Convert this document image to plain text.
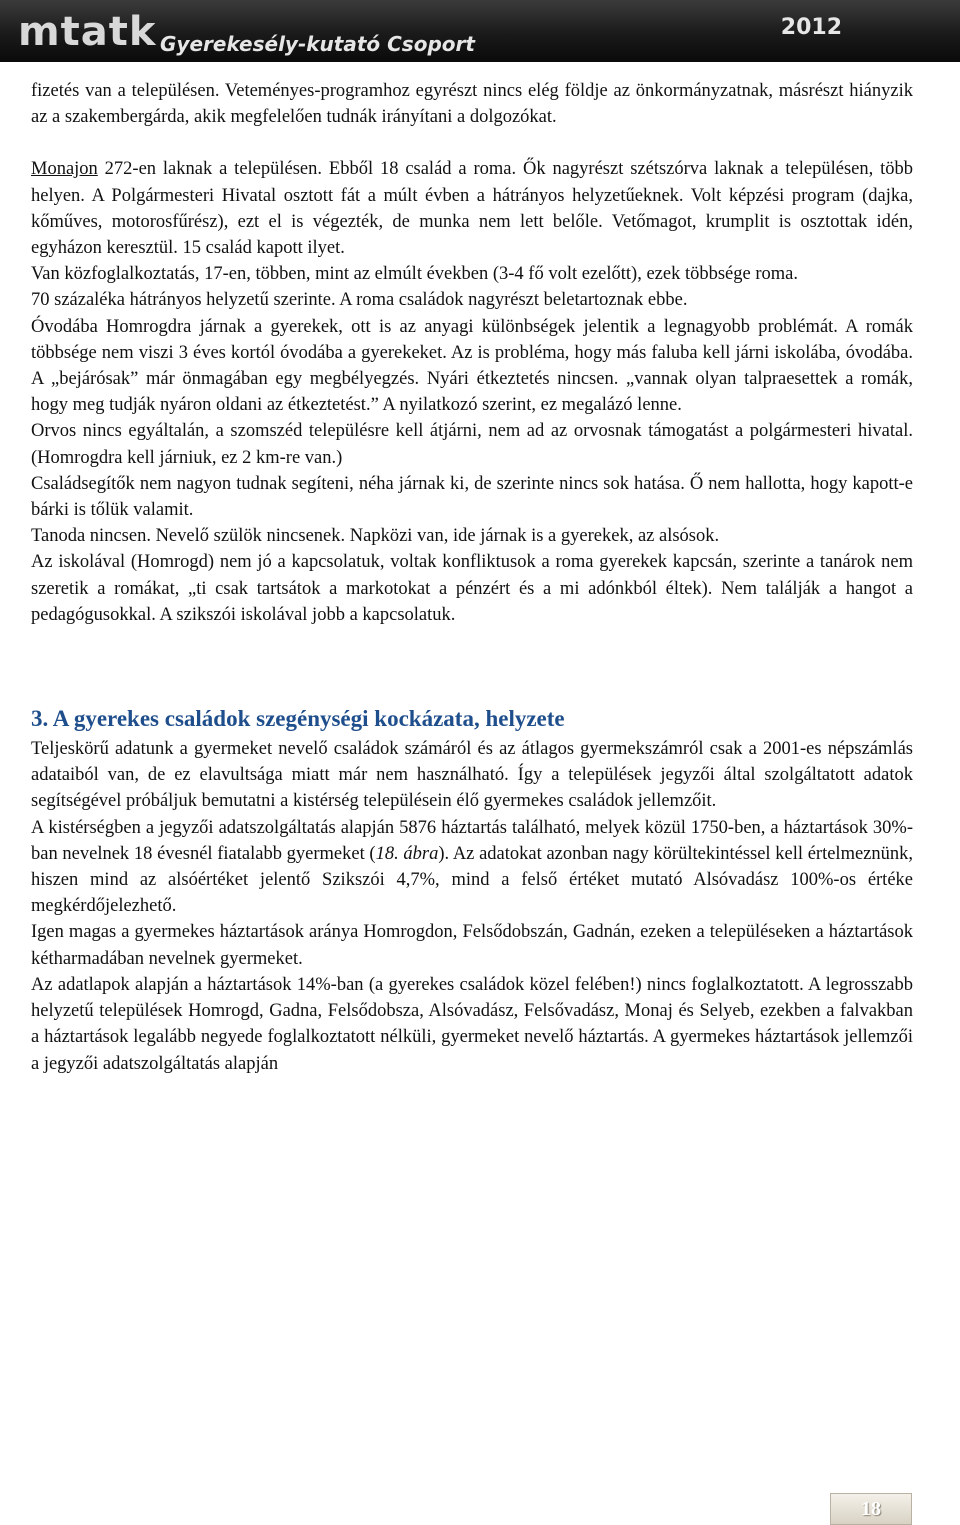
mtatk Gyerekesély-kutató Csoport
2012

fizetés van a településen. Veteményes-programhoz egyrészt nincs elég földje az önkormányzatnak, másrészt hiányzik az a szakembergárda, akik megfelelően tudnák irányítani a dolgozókat.

Monajon 272-en laknak a településen. Ebből 18 család a roma. Ők nagyrészt szétszórva laknak a településen, több helyen. A Polgármesteri Hivatal osztott fát a múlt évben a hátrányos helyzetűeknek. Volt képzési program (dajka, kőműves, motorosfűrész), ezt el is végezték, de munka nem lett belőle. Vetőmagot, krumplit is osztottak idén, egyházon keresztül. 15 család kapott ilyet.

Van közfoglalkoztatás, 17-en, többen, mint az elmúlt években (3-4 fő volt ezelőtt), ezek többsége roma.

70 százaléka hátrányos helyzetű szerinte. A roma családok nagyrészt beletartoznak ebbe.

Óvodába Homrogdra járnak a gyerekek, ott is az anyagi különbségek jelentik a legnagyobb problémát. A romák többsége nem viszi 3 éves kortól óvodába a gyerekeket. Az is probléma, hogy más faluba kell járni iskolába, óvodába. A „bejárósak” már önmagában egy megbélyegzés. Nyári étkeztetés nincsen. „vannak olyan talpraesettek a romák, hogy meg tudják nyáron oldani az étkeztetést.” A nyilatkozó szerint, ez megalázó lenne.

Orvos nincs egyáltalán, a szomszéd településre kell átjárni, nem ad az orvosnak támogatást a polgármesteri hivatal. (Homrogdra kell járniuk, ez 2 km-re van.)

Családsegítők nem nagyon tudnak segíteni, néha járnak ki, de szerinte nincs sok hatása. Ő nem hallotta, hogy kapott-e bárki is tőlük valamit.

Tanoda nincsen. Nevelő szülök nincsenek. Napközi van, ide járnak is a gyerekek, az alsósok.

Az iskolával (Homrogd) nem jó a kapcsolatuk, voltak konfliktusok a roma gyerekek kapcsán, szerinte a tanárok nem szeretik a romákat, „ti csak tartsátok a markotokat a pénzért és a mi adónkból éltek). Nem találják a hangot a pedagógusokkal. A szikszói iskolával jobb a kapcsolatuk.

3. A gyerekes családok szegénységi kockázata, helyzete

Teljeskörű adatunk a gyermeket nevelő családok számáról és az átlagos gyermekszámról csak a 2001-es népszámlás adataiból van, de ez elavultsága miatt már nem használható. Így a települések jegyzői által szolgáltatott adatok segítségével próbáljuk bemutatni a kistérség településein élő gyermekes családok jellemzőit.

A kistérségben a jegyzői adatszolgáltatás alapján 5876 háztartás található, melyek közül 1750-ben, a háztartások 30%-ban nevelnek 18 évesnél fiatalabb gyermeket (18. ábra). Az adatokat azonban nagy körültekintéssel kell értelmeznünk, hiszen mind az alsóértéket jelentő Szikszói 4,7%, mind a felső értéket mutató Alsóvadász 100%-os értéke megkérdőjelezhető.

Igen magas a gyermekes háztartások aránya Homrogdon, Felsődobszán, Gadnán, ezeken a településeken a háztartások kétharmadában nevelnek gyermeket.

Az adatlapok alapján a háztartások 14%-ban (a gyerekes családok közel felében!) nincs foglalkoztatott. A legrosszabb helyzetű települések Homrogd, Gadna, Felsődobsza, Alsóvadász, Felsővadász, Monaj és Selyeb, ezekben a falvakban a háztartások legalább negyede foglalkoztatott nélküli, gyermeket nevelő háztartás. A gyermekes háztartások jellemzői a jegyzői adatszolgáltatás alapján

18
